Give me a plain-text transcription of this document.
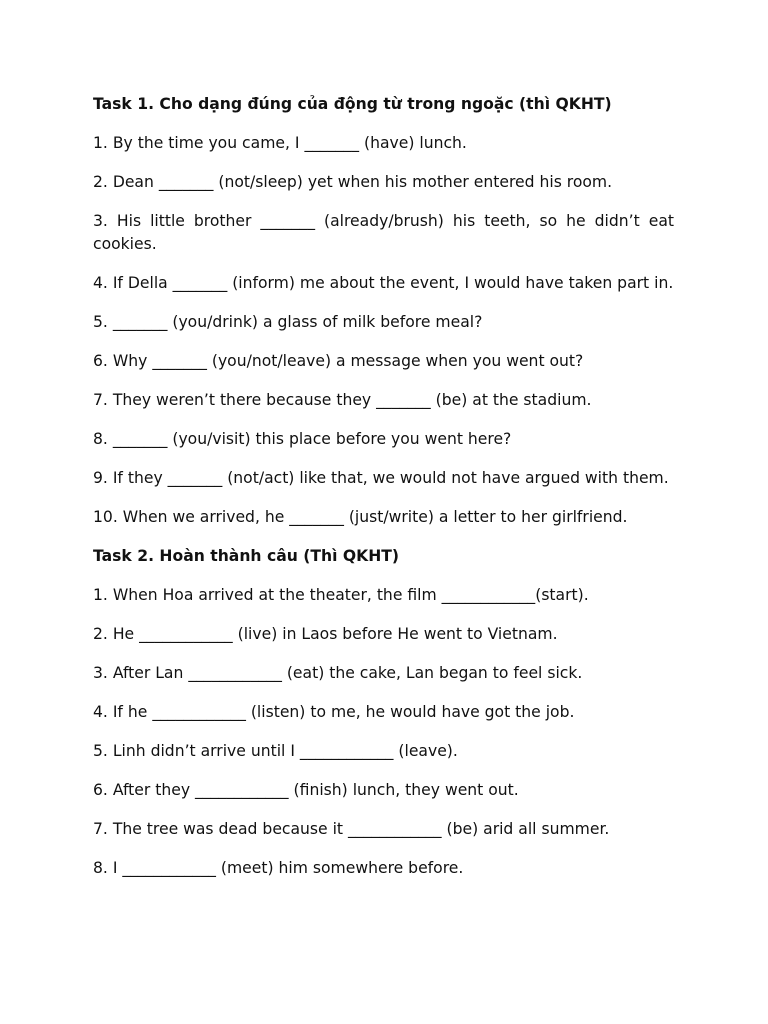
Task 1. Cho dạng đúng của động từ trong ngoặc (thì QKHT)
1. By the time you came, I _______ (have) lunch.
2. Dean _______ (not/sleep) yet when his mother entered his room.
3. His little brother _______ (already/brush) his teeth, so he didn’t eat cookies.
4. If Della _______ (inform) me about the event, I would have taken part in.
5. _______ (you/drink) a glass of milk before meal?
6. Why _______ (you/not/leave) a message when you went out?
7. They weren’t there because they _______ (be) at the stadium.
8. _______ (you/visit) this place before you went here?
9. If they _______ (not/act) like that, we would not have argued with them.
10. When we arrived, he _______ (just/write) a letter to her girlfriend.
Task 2. Hoàn thành câu (Thì QKHT)
1. When Hoa arrived at the theater, the film ____________(start).
2. He ____________ (live) in Laos before He went to Vietnam.
3. After Lan ____________ (eat) the cake, Lan began to feel sick.
4. If he ____________ (listen) to me, he would have got the job.
5. Linh didn’t arrive until I ____________ (leave).
6. After they ____________ (finish) lunch, they went out.
7. The tree was dead because it ____________ (be) arid all summer.
8. I ____________ (meet) him somewhere before.
